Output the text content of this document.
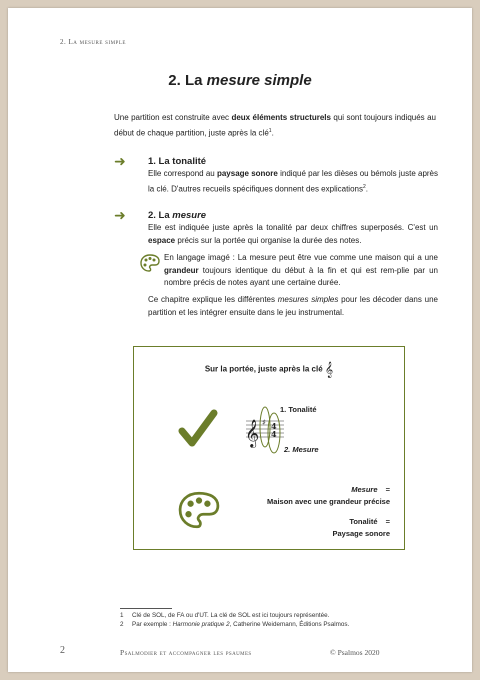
2. La mesure simple
2. La mesure simple
Une partition est construite avec deux éléments structurels qui sont toujours indiqués au début de chaque partition, juste après la clé$^1$.
➜ 1. La tonalité
Elle correspond au paysage sonore indiqué par les dièses ou bémols juste après la clé. D'autres recueils spécifiques donnent des explications$^2$.
➜ 2. La mesure
Elle est indiquée juste après la tonalité par deux chiffres superposés. C'est un espace précis sur la portée qui organise la durée des notes.
En langage imagé : La mesure peut être vue comme une maison qui a une grandeur toujours identique du début à la fin et qui est rem-plie par un nombre précis de notes ayant une certaine durée.
Ce chapitre explique les différentes mesures simples pour les décoder dans une partition et les intégrer ensuite dans le jeu instrumental.
Sur la portée, juste après la clé 𝄞
𝄞 ♯ 4
4
1. Tonalité
2. Mesure
Mesure =
Maison avec une grandeur précise
Tonalité =
Paysage sonore
1 Clé de SOL, de FA ou d'UT. La clé de SOL est ici toujours représentée.
2 Par exemple : Harmonie pratique 2, Catherine Weidemann, Éditions Psalmos.
2	Psalmodier et accompagner les psaumes	© Psalmos 2020
